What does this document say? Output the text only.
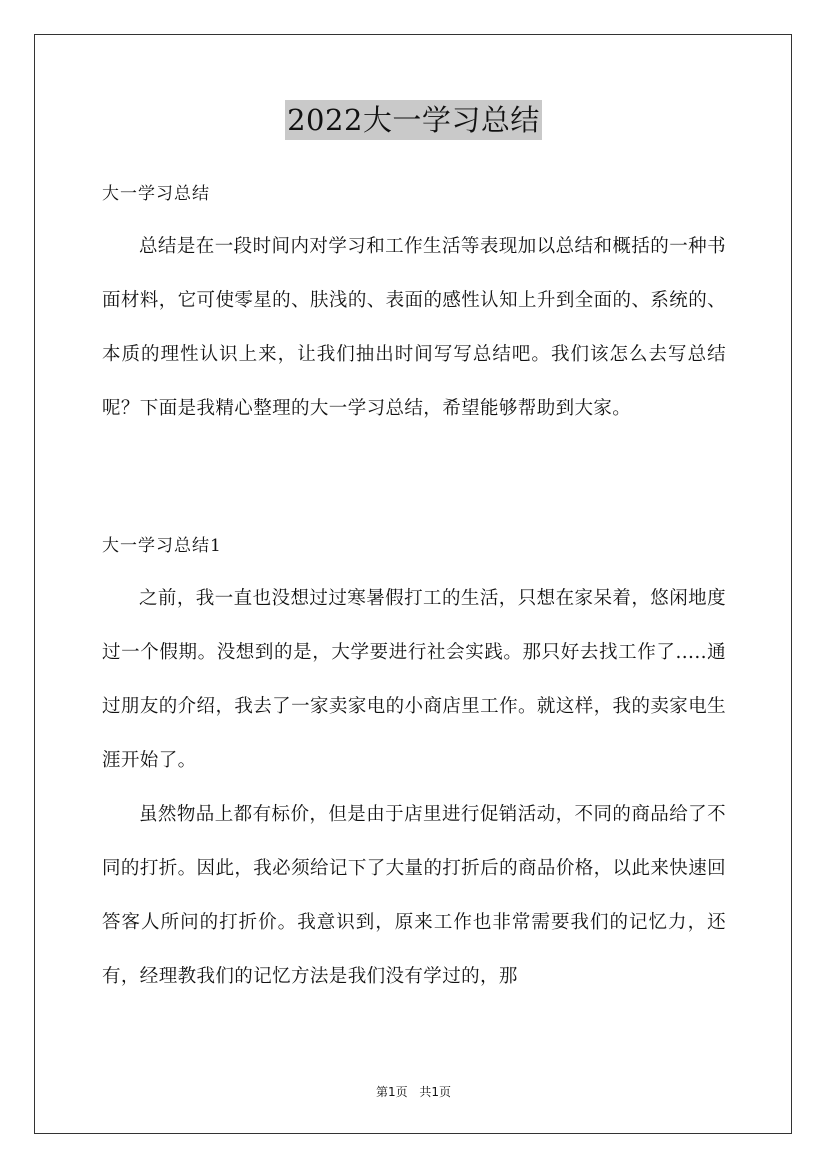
2022大一学习总结
大一学习总结

总结是在一段时间内对学习和工作生活等表现加以总结和概括的一种书面材料，它可使零星的、肤浅的、表面的感性认知上升到全面的、系统的、本质的理性认识上来，让我们抽出时间写写总结吧。我们该怎么去写总结呢？下面是我精心整理的大一学习总结，希望能够帮助到大家。

大一学习总结1

之前，我一直也没想过过寒暑假打工的生活，只想在家呆着，悠闲地度过一个假期。没想到的是，大学要进行社会实践。那只好去找工作了.....通过朋友的介绍，我去了一家卖家电的小商店里工作。就这样，我的卖家电生涯开始了。

虽然物品上都有标价，但是由于店里进行促销活动，不同的商品给了不同的打折。因此，我必须给记下了大量的打折后的商品价格，以此来快速回答客人所问的打折价。我意识到，原来工作也非常需要我们的记忆力，还有，经理教我们的记忆方法是我们没有学过的，那

第1页 共1页
